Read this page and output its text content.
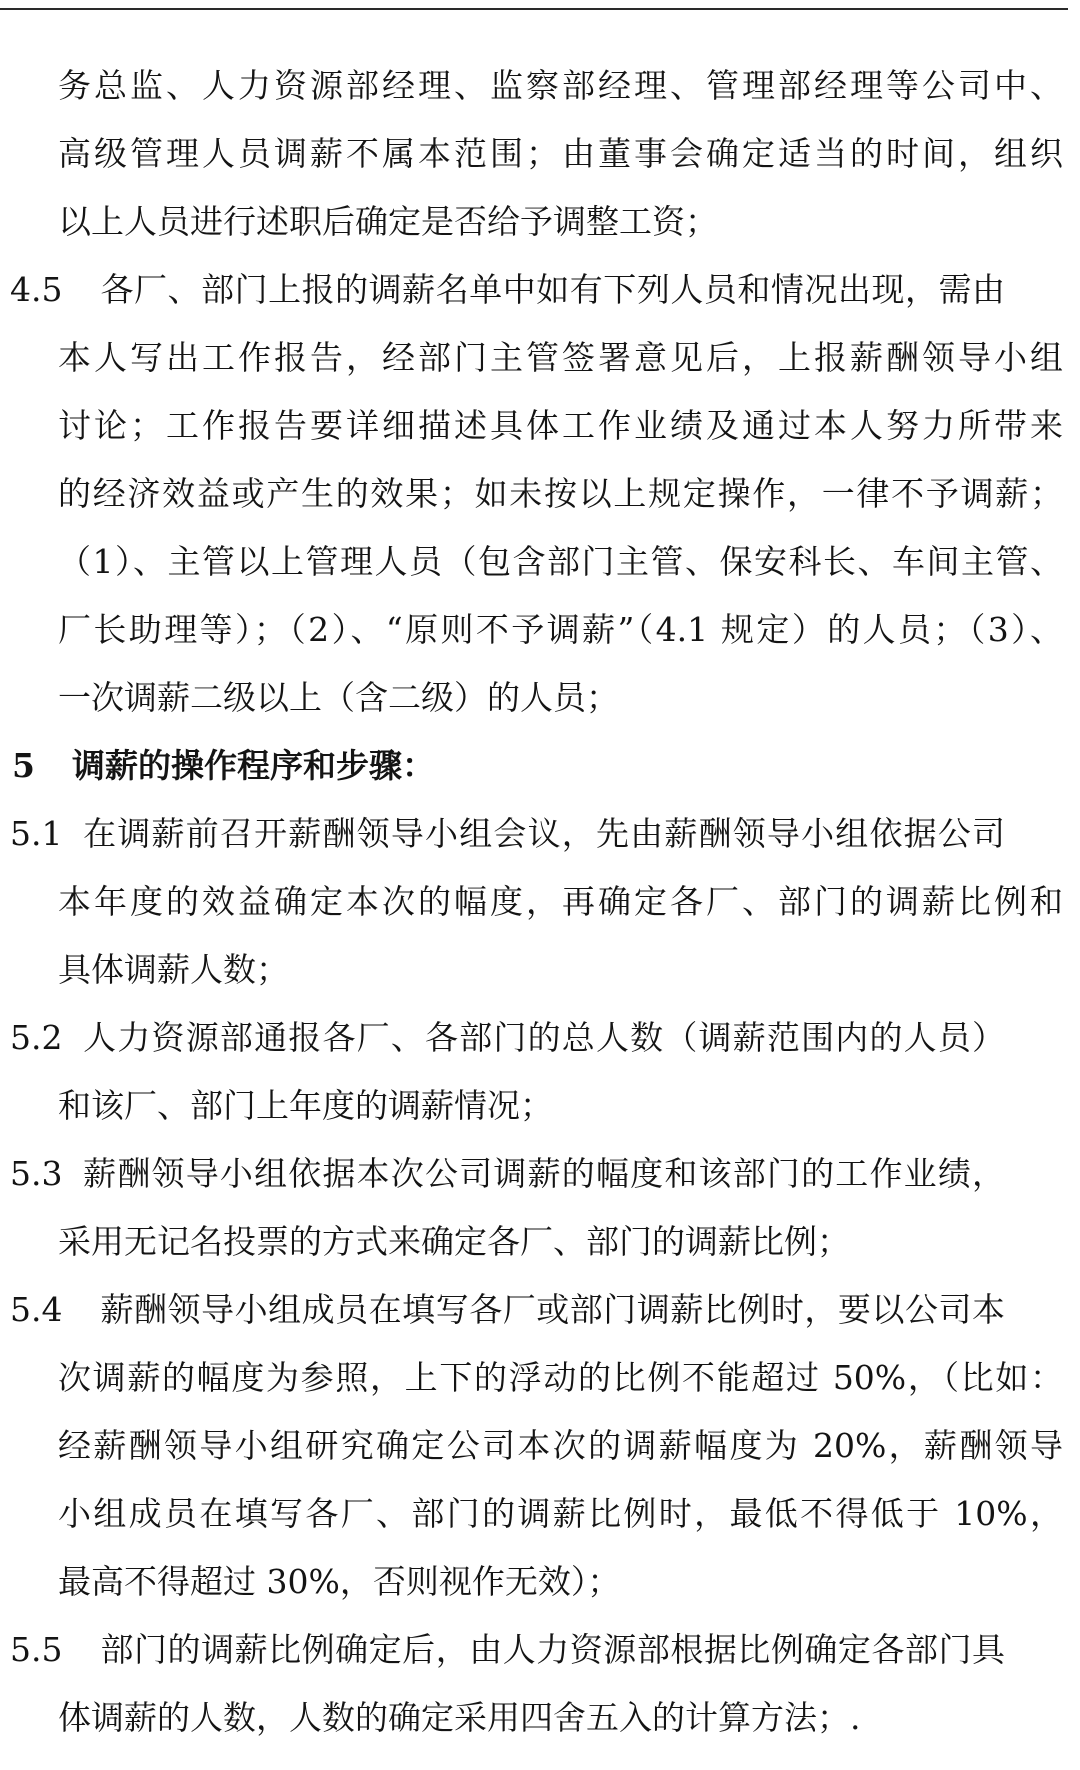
务总监、人力资源部经理、监察部经理、管理部经理等公司中、
高级管理人员调薪不属本范围；由董事会确定适当的时间，组织
以上人员进行述职后确定是否给予调整工资；
4.5 各厂、部门上报的调薪名单中如有下列人员和情况出现，需由
本人写出工作报告，经部门主管签署意见后，上报薪酬领导小组
讨论；工作报告要详细描述具体工作业绩及通过本人努力所带来
的经济效益或产生的效果；如未按以上规定操作，一律不予调薪；
（1）、主管以上管理人员（包含部门主管、保安科长、车间主管、
厂长助理等）；（2）、“原则不予调薪”（4.1 规定）的人员；（3）、
一次调薪二级以上（含二级）的人员；
5 调薪的操作程序和步骤：
5.1 在调薪前召开薪酬领导小组会议，先由薪酬领导小组依据公司
本年度的效益确定本次的幅度，再确定各厂、部门的调薪比例和
具体调薪人数；
5.2 人力资源部通报各厂、各部门的总人数（调薪范围内的人员）
和该厂、部门上年度的调薪情况；
5.3 薪酬领导小组依据本次公司调薪的幅度和该部门的工作业绩，
采用无记名投票的方式来确定各厂、部门的调薪比例；
5.4 薪酬领导小组成员在填写各厂或部门调薪比例时，要以公司本
次调薪的幅度为参照，上下的浮动的比例不能超过 50%，（比如：
经薪酬领导小组研究确定公司本次的调薪幅度为 20%，薪酬领导
小组成员在填写各厂、部门的调薪比例时，最低不得低于 10%，
最高不得超过 30%，否则视作无效）；
5.5 部门的调薪比例确定后，由人力资源部根据比例确定各部门具
体调薪的人数，人数的确定采用四舍五入的计算方法；.
